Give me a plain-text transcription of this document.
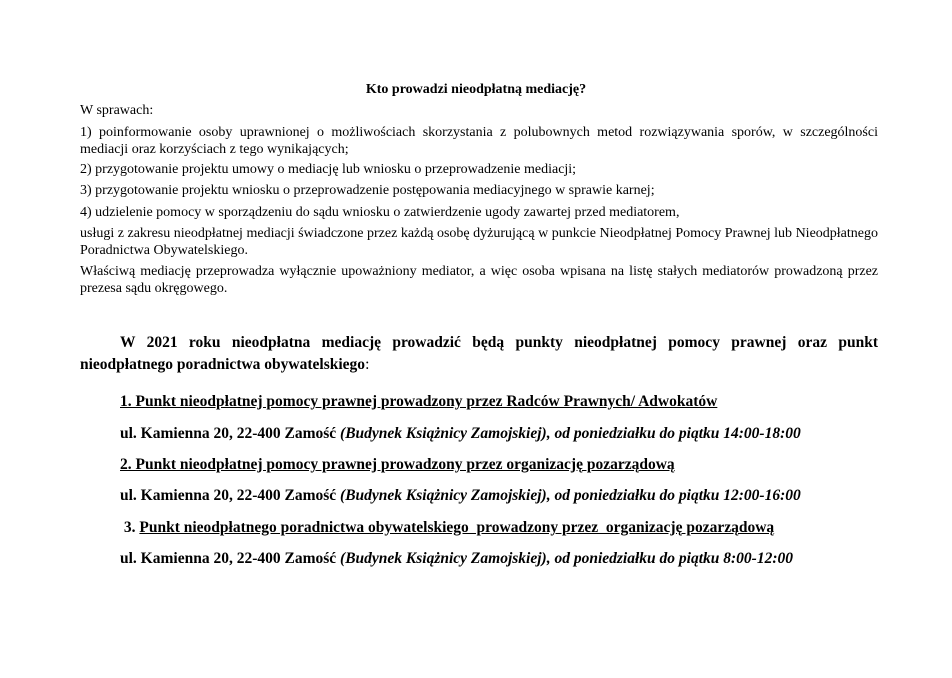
Kto prowadzi nieodpłatną mediację?
W sprawach:
1) poinformowanie osoby uprawnionej o możliwościach skorzystania z polubownych metod rozwiązywania sporów, w szczególności mediacji oraz korzyściach z tego wynikających;
2) przygotowanie projektu umowy o mediację lub wniosku o przeprowadzenie mediacji;
3) przygotowanie projektu wniosku o przeprowadzenie postępowania mediacyjnego w sprawie karnej;
4) udzielenie pomocy w sporządzeniu do sądu wniosku o zatwierdzenie ugody zawartej przed mediatorem,
usługi z zakresu nieodpłatnej mediacji świadczone przez każdą osobę dyżurującą w punkcie Nieodpłatnej Pomocy Prawnej lub Nieodpłatnego Poradnictwa Obywatelskiego.
Właściwą mediację przeprowadza wyłącznie upoważniony mediator, a więc osoba wpisana na listę stałych mediatorów prowadzoną przez prezesa sądu okręgowego.
W 2021 roku nieodpłatna mediację prowadzić będą punkty nieodpłatnej pomocy prawnej oraz punkt nieodpłatnego poradnictwa obywatelskiego:
1. Punkt nieodpłatnej pomocy prawnej prowadzony przez Radców Prawnych/ Adwokatów
ul. Kamienna 20, 22-400 Zamość (Budynek Książnicy Zamojskiej), od poniedziałku do piątku 14:00-18:00
2. Punkt nieodpłatnej pomocy prawnej prowadzony przez organizację pozarządową
ul. Kamienna 20, 22-400 Zamość (Budynek Książnicy Zamojskiej), od poniedziałku do piątku 12:00-16:00
3. Punkt nieodpłatnego poradnictwa obywatelskiego  prowadzony przez  organizację pozarządową
ul. Kamienna 20, 22-400 Zamość (Budynek Książnicy Zamojskiej), od poniedziałku do piątku 8:00-12:00
